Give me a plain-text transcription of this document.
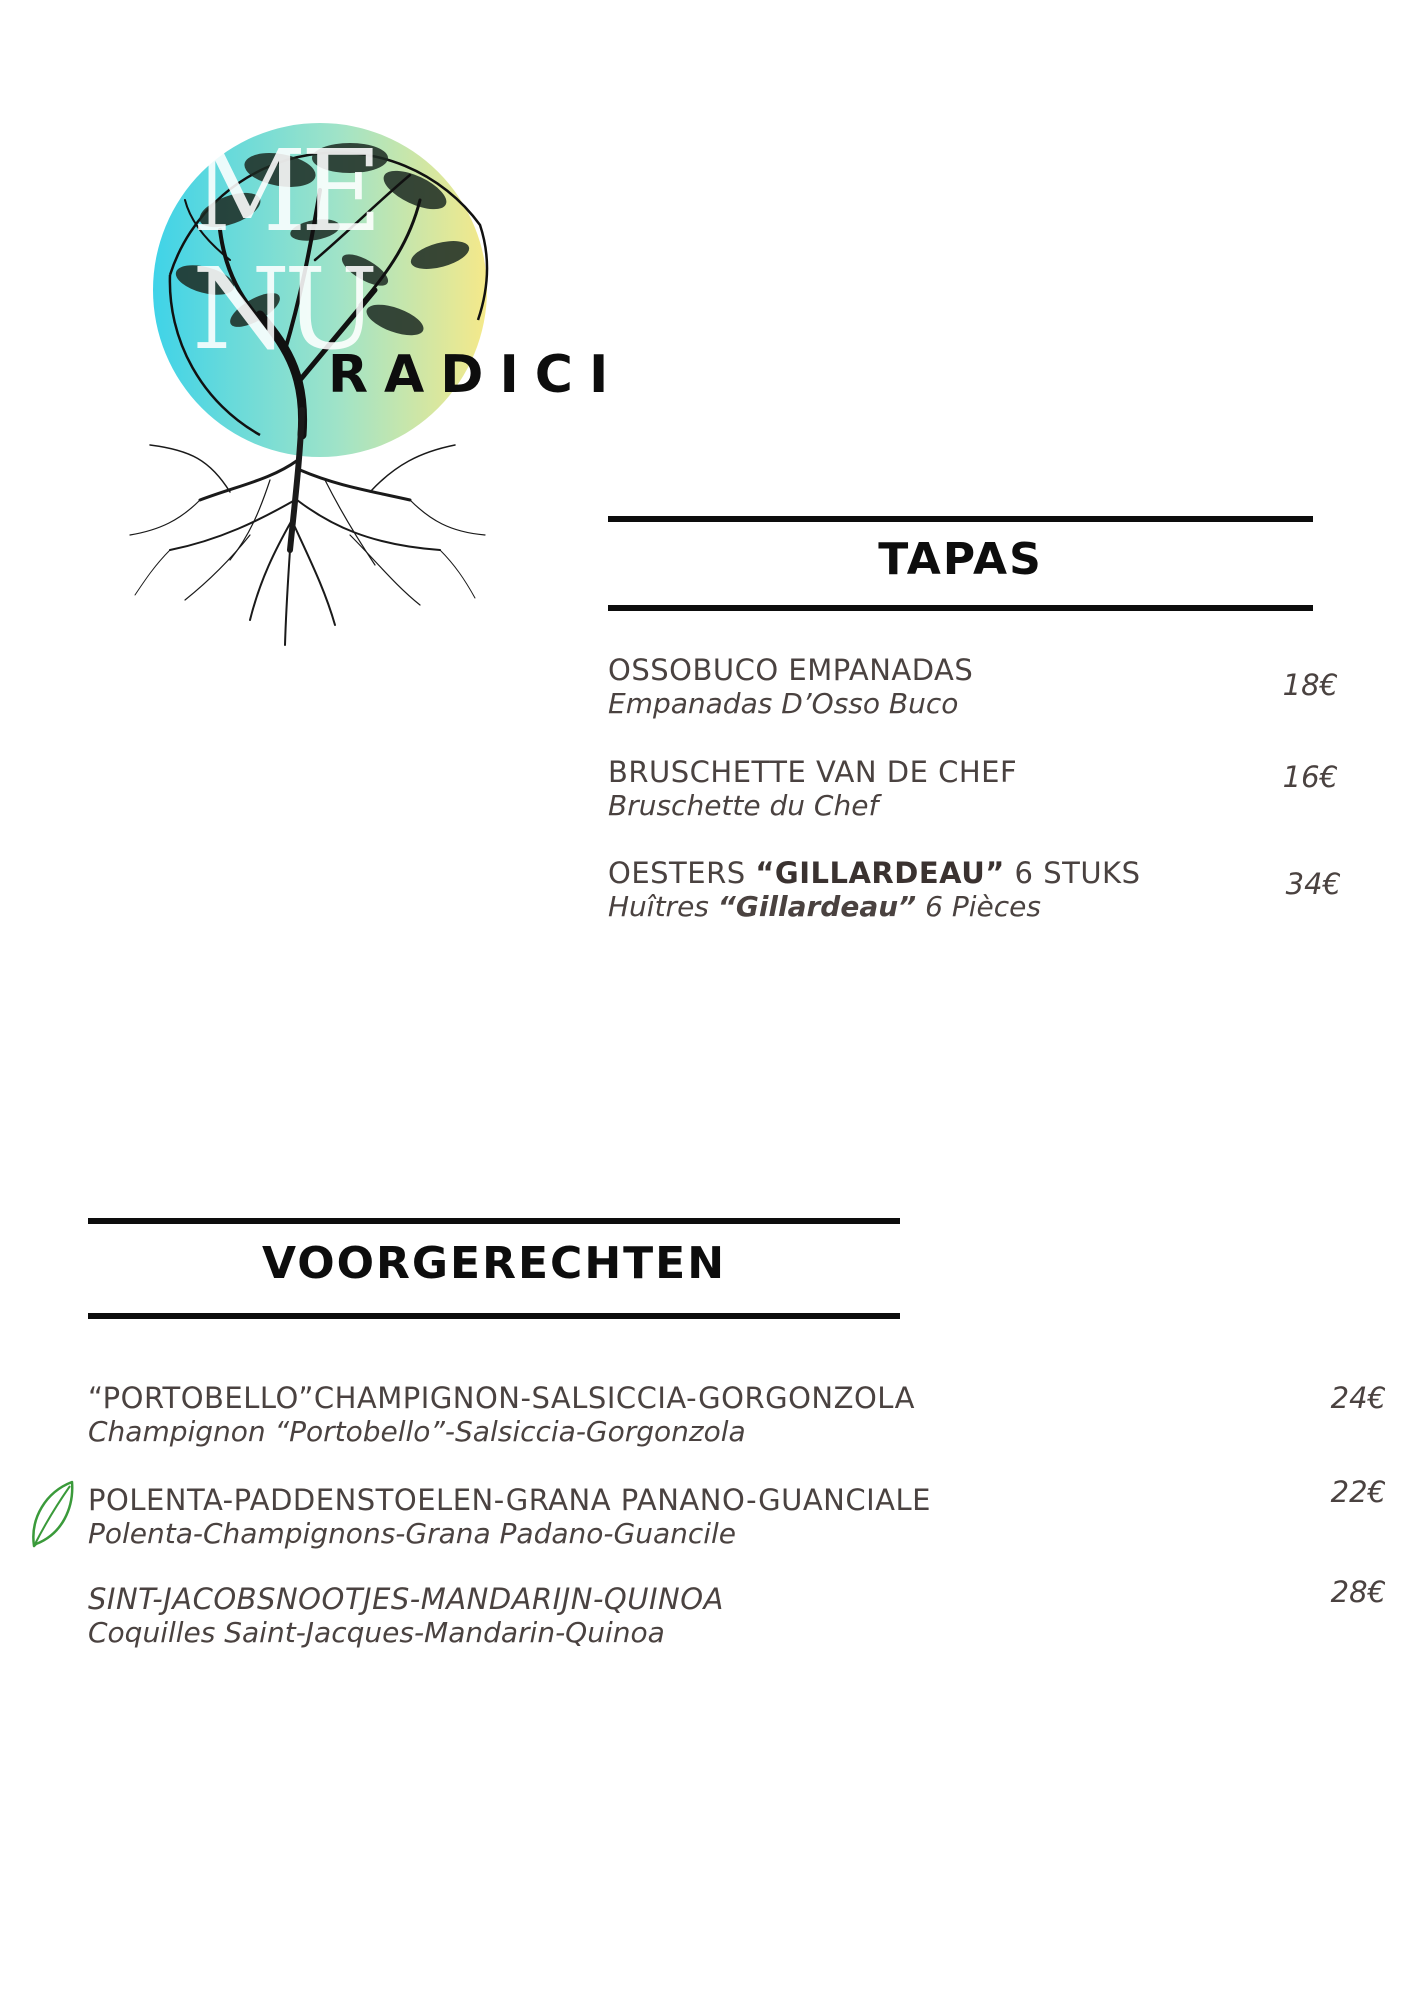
ME
NU
RADICI
TAPAS
OSSOBUCO EMPANADAS
Empanadas D’Osso Buco
18€
BRUSCHETTE VAN DE CHEF
Bruschette du Chef
16€
OESTERS “GILLARDEAU” 6 STUKS
Huîtres “Gillardeau” 6 Pièces
34€
VOORGERECHTEN
“PORTOBELLO”CHAMPIGNON-SALSICCIA-GORGONZOLA
Champignon “Portobello”-Salsiccia-Gorgonzola
24€
POLENTA-PADDENSTOELEN-GRANA PANANO-GUANCIALE
Polenta-Champignons-Grana Padano-Guancile
22€
SINT-JACOBSNOOTJES-MANDARIJN-QUINOA
Coquilles Saint-Jacques-Mandarin-Quinoa
28€
